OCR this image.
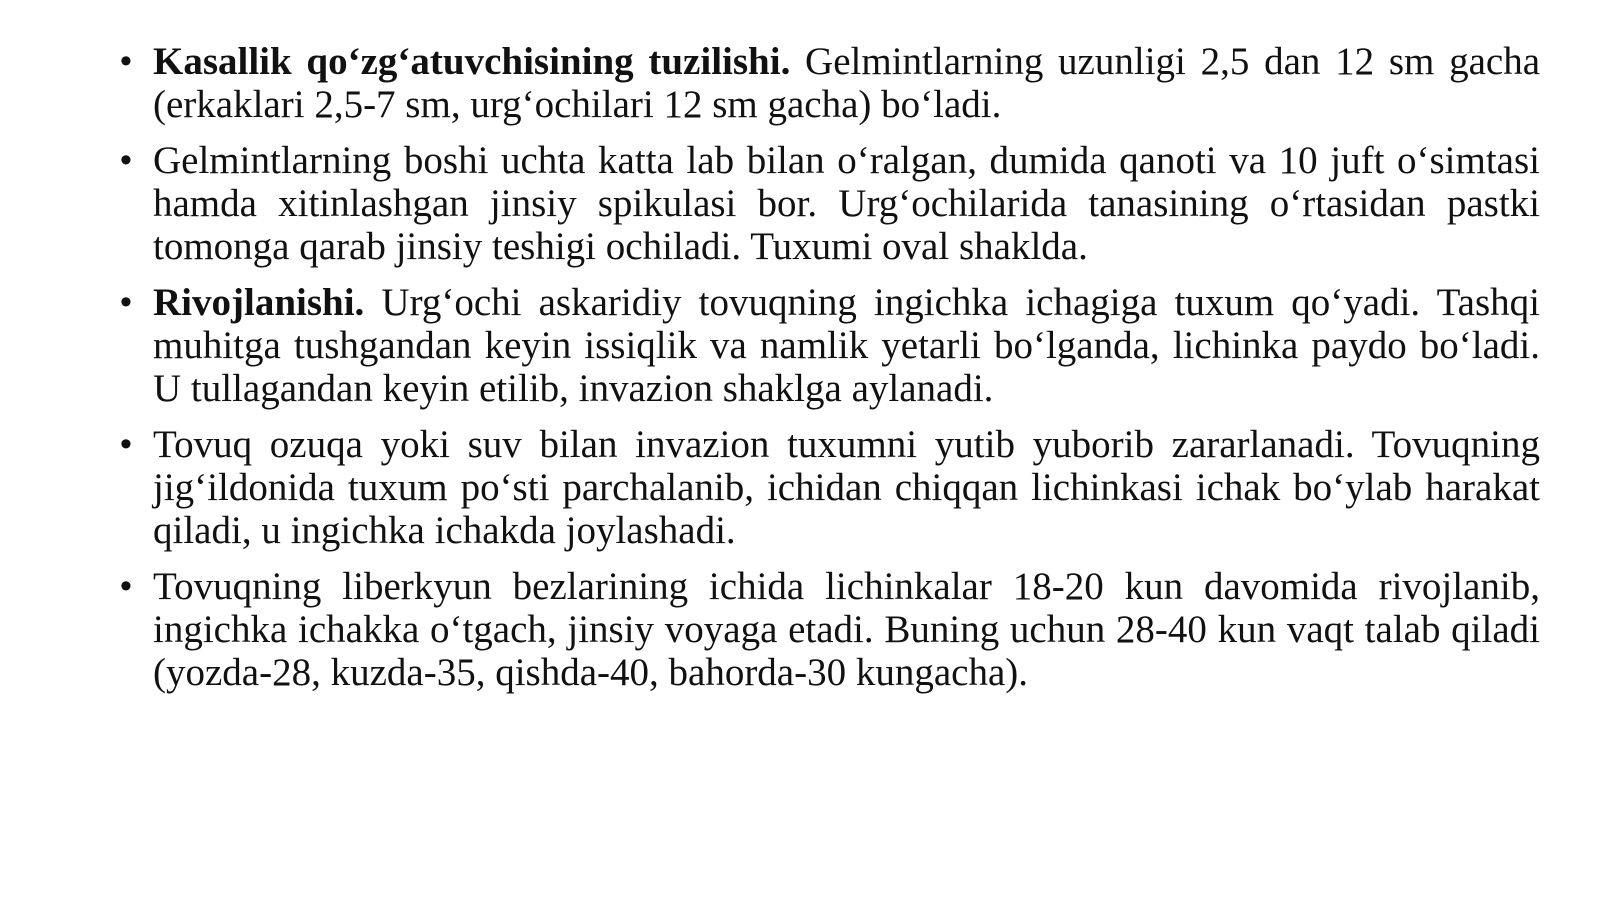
• Kasallik qo‘zg‘atuvchisining tuzilishi. Gelmintlarning uzunligi 2,5 dan 12 sm gacha (erkaklari 2,5-7 sm, urg‘ochilari 12 sm gacha) bo‘ladi.
• Gelmintlarning boshi uchta katta lab bilan o‘ralgan, dumida qanoti va 10 juft o‘simtasi hamda xitinlashgan jinsiy spikulasi bor. Urg‘ochilarida tanasining o‘rtasidan pastki tomonga qarab jinsiy teshigi ochiladi. Tuxumi oval shakldа.
• Rivojlanishi. Urg‘ochi askaridiy tovuqning ingichka ichagiga tuxum qo‘yadi. Tashqi muhitga tushgandan keyin issiqlik va namlik yetarli bo‘lganda, lichinka paydo bo‘ladi. U tullagandan keyin etilib, invazion shaklga aylanadi.
• Tovuq ozuqa yoki suv bilan invazion tuxumni yutib yuborib zararlanadi. Tovuqning jig‘ildonida tuxum po‘sti parchalanib, ichidan chiqqan lichinkasi ichak bo‘ylab harakat qiladi, u ingichka ichakda joylashadi.
• Tovuqning liberkyun bezlarining ichida lichinkalar 18-20 kun davomida rivojlanib, ingichka ichakka o‘tgach, jinsiy voyaga etadi. Buning uchun 28-40 kun vaqt talab qiladi (yozda-28, kuzda-35, qishda-40, bahorda-30 kungacha).
